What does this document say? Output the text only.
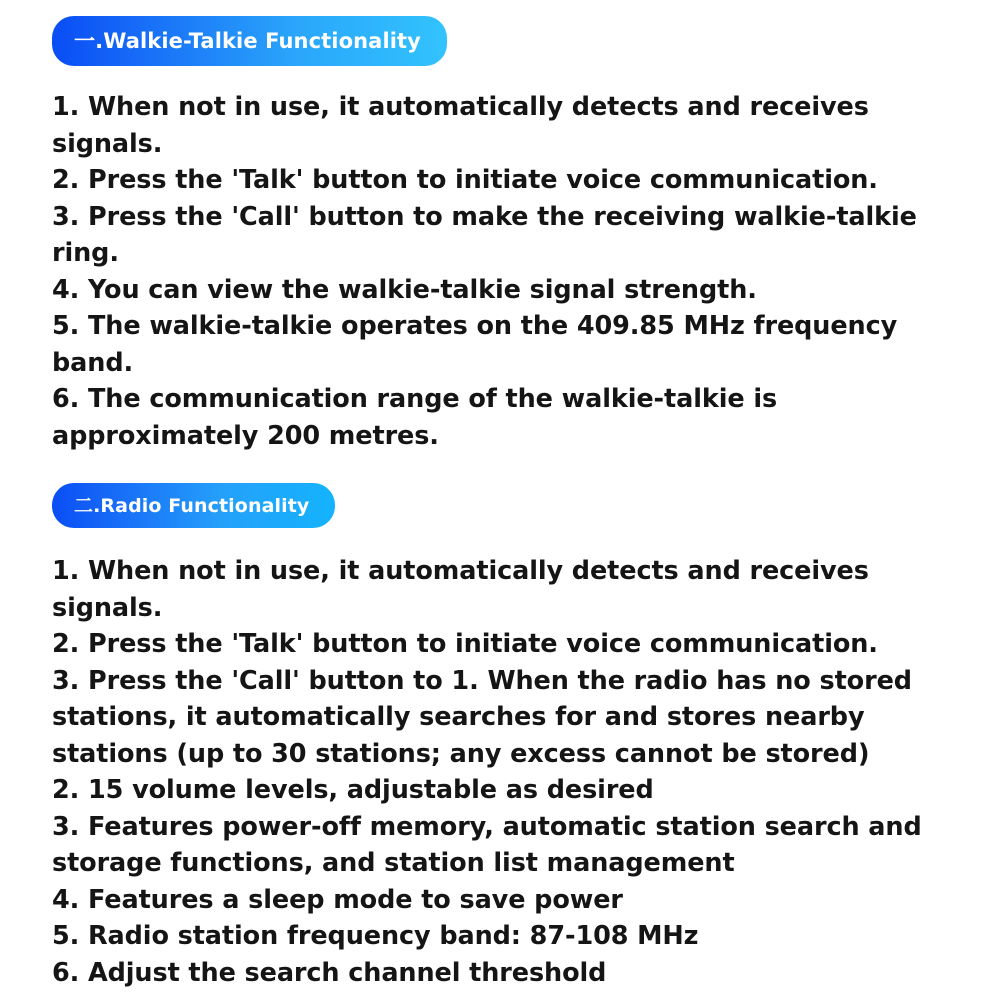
一.Walkie-Talkie Functionality

1. When not in use, it automatically detects and receives signals.
2. Press the 'Talk' button to initiate voice communication.
3. Press the 'Call' button to make the receiving walkie-talkie ring.
4. You can view the walkie-talkie signal strength.
5. The walkie-talkie operates on the 409.85 MHz frequency band.
6. The communication range of the walkie-talkie is approximately 200 metres.

二.Radio Functionality

1. When not in use, it automatically detects and receives signals.
2. Press the 'Talk' button to initiate voice communication.
3. Press the 'Call' button to 1. When the radio has no stored stations, it automatically searches for and stores nearby stations (up to 30 stations; any excess cannot be stored)
2. 15 volume levels, adjustable as desired
3. Features power-off memory, automatic station search and storage functions, and station list management
4. Features a sleep mode to save power
5. Radio station frequency band: 87-108 MHz
6. Adjust the search channel threshold
